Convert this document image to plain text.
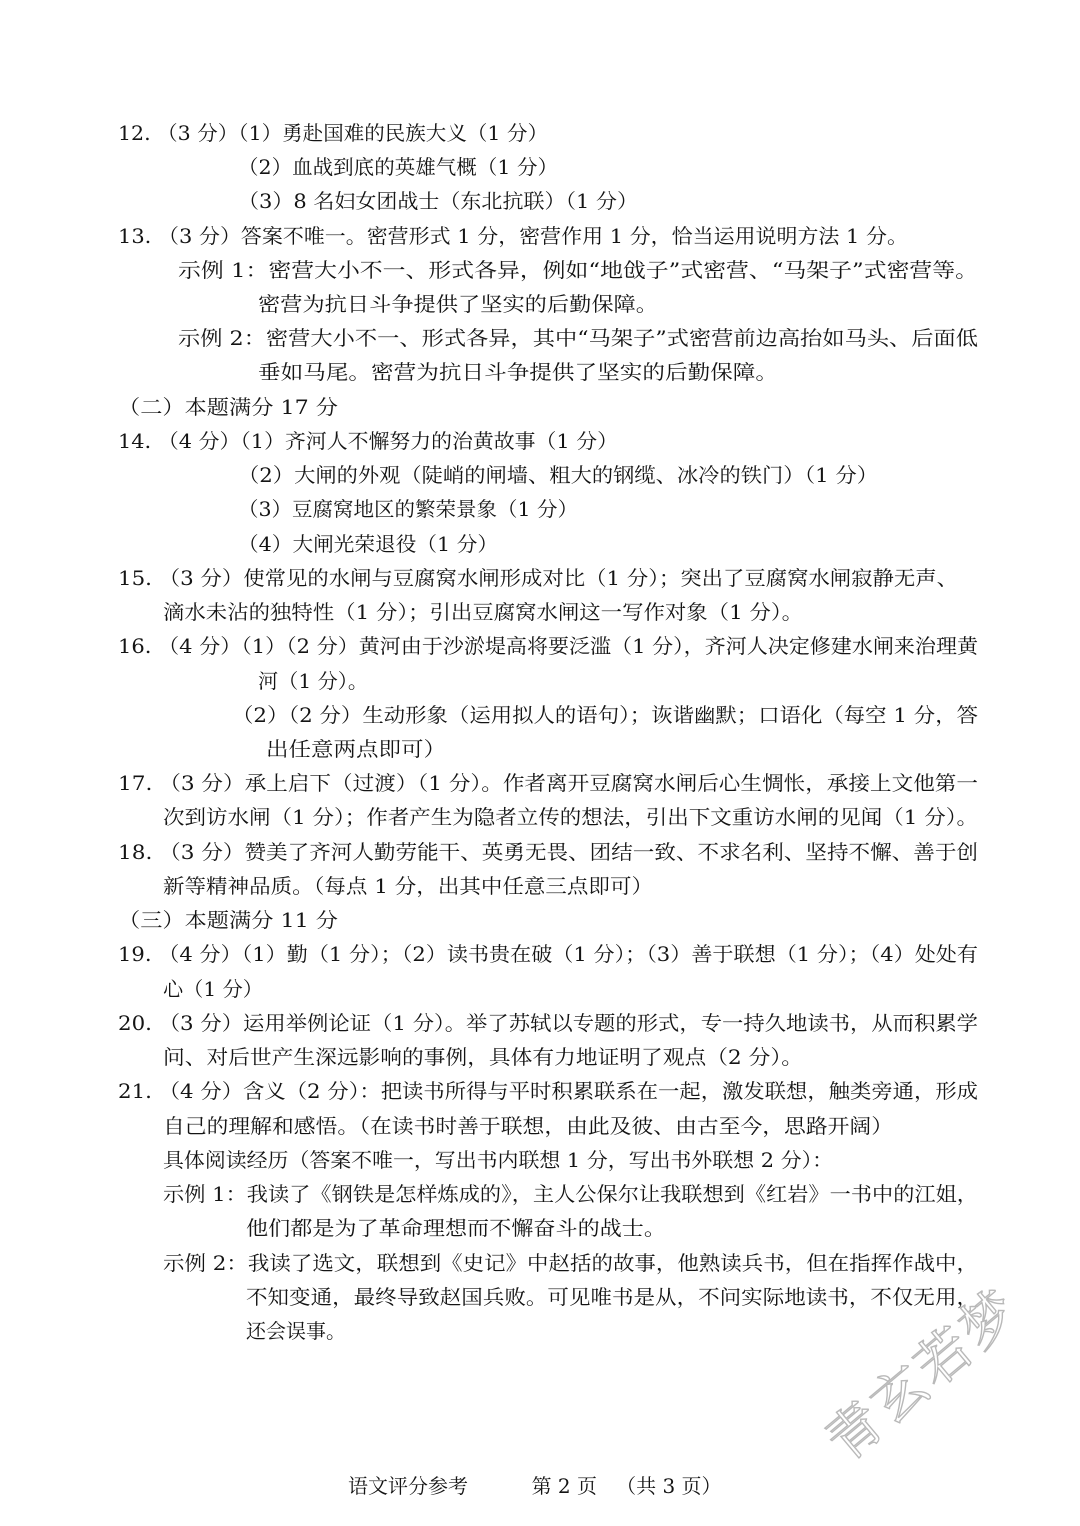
12. （3 分）（1）勇赴国难的民族大义（1 分）
（2）血战到底的英雄气概（1 分）
（3）8 名妇女团战士（东北抗联）（1 分）
13. （3 分）答案不唯一。密营形式 1 分，密营作用 1 分，恰当运用说明方法 1 分。
示例 1：密营大小不一、形式各异，例如“地戗子”式密营、“马架子”式密营等。
密营为抗日斗争提供了坚实的后勤保障。
示例 2：密营大小不一、形式各异，其中“马架子”式密营前边高抬如马头、后面低
垂如马尾。密营为抗日斗争提供了坚实的后勤保障。
（二）本题满分 17 分
14. （4 分）（1）齐河人不懈努力的治黄故事（1 分）
（2）大闸的外观（陡峭的闸墙、粗大的钢缆、冰冷的铁门）（1 分）
（3）豆腐窝地区的繁荣景象（1 分）
（4）大闸光荣退役（1 分）
15. （3 分）使常见的水闸与豆腐窝水闸形成对比（1 分）；突出了豆腐窝水闸寂静无声、
滴水未沾的独特性（1 分）；引出豆腐窝水闸这一写作对象（1 分）。
16. （4 分）（1）（2 分）黄河由于沙淤堤高将要泛滥（1 分），齐河人决定修建水闸来治理黄
河（1 分）。
（2）（2 分）生动形象（运用拟人的语句）；诙谐幽默；口语化（每空 1 分，答
出任意两点即可）
17. （3 分）承上启下（过渡）（1 分）。作者离开豆腐窝水闸后心生惆怅，承接上文他第一
次到访水闸（1 分）；作者产生为隐者立传的想法，引出下文重访水闸的见闻（1 分）。
18. （3 分）赞美了齐河人勤劳能干、英勇无畏、团结一致、不求名利、坚持不懈、善于创
新等精神品质。（每点 1 分，出其中任意三点即可）
（三）本题满分 11 分
19. （4 分）（1）勤（1 分）；（2）读书贵在破（1 分）；（3）善于联想（1 分）；（4）处处有
心（1 分）
20. （3 分）运用举例论证（1 分）。举了苏轼以专题的形式，专一持久地读书，从而积累学
问、对后世产生深远影响的事例，具体有力地证明了观点（2 分）。
21. （4 分）含义（2 分）：把读书所得与平时积累联系在一起，激发联想，触类旁通，形成
自己的理解和感悟。（在读书时善于联想，由此及彼、由古至今，思路开阔）
具体阅读经历（答案不唯一，写出书内联想 1 分，写出书外联想 2 分）：
示例 1：我读了《钢铁是怎样炼成的》，主人公保尔让我联想到《红岩》一书中的江姐，
他们都是为了革命理想而不懈奋斗的战士。
示例 2：我读了选文，联想到《史记》中赵括的故事，他熟读兵书，但在指挥作战中，
不知变通，最终导致赵国兵败。可见唯书是从，不问实际地读书，不仅无用，
还会误事。
语文评分参考	第 2 页 （共 3 页）
青玄若梦
